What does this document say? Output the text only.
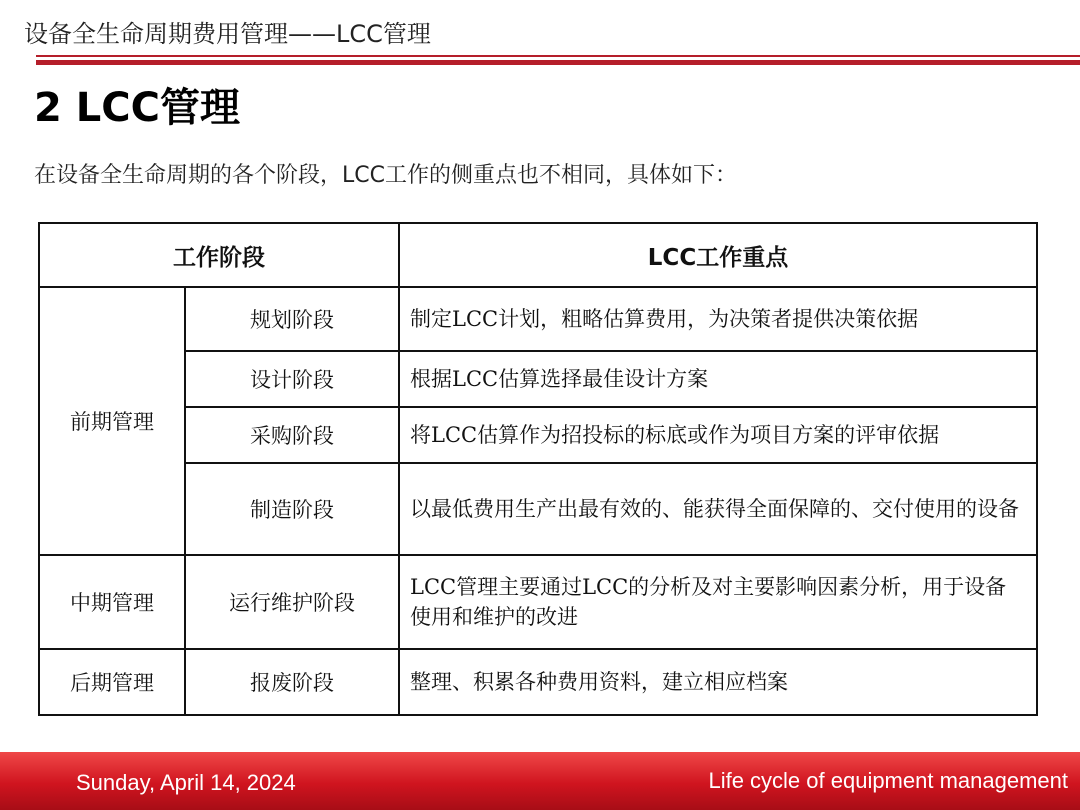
设备全生命周期费用管理——LCC管理
2 LCC管理
在设备全生命周期的各个阶段，LCC工作的侧重点也不相同，具体如下：
工作阶段		LCC工作重点
前期管理	规划阶段	制定LCC计划，粗略估算费用，为决策者提供决策依据
	设计阶段	根据LCC估算选择最佳设计方案
	采购阶段	将LCC估算作为招投标的标底或作为项目方案的评审依据
	制造阶段	以最低费用生产出最有效的、能获得全面保障的、交付使用的设备
中期管理	运行维护阶段	LCC管理主要通过LCC的分析及对主要影响因素分析，用于设备使用和维护的改进
后期管理	报废阶段	整理、积累各种费用资料，建立相应档案
Sunday, April 14, 2024	Life cycle of equipment management
